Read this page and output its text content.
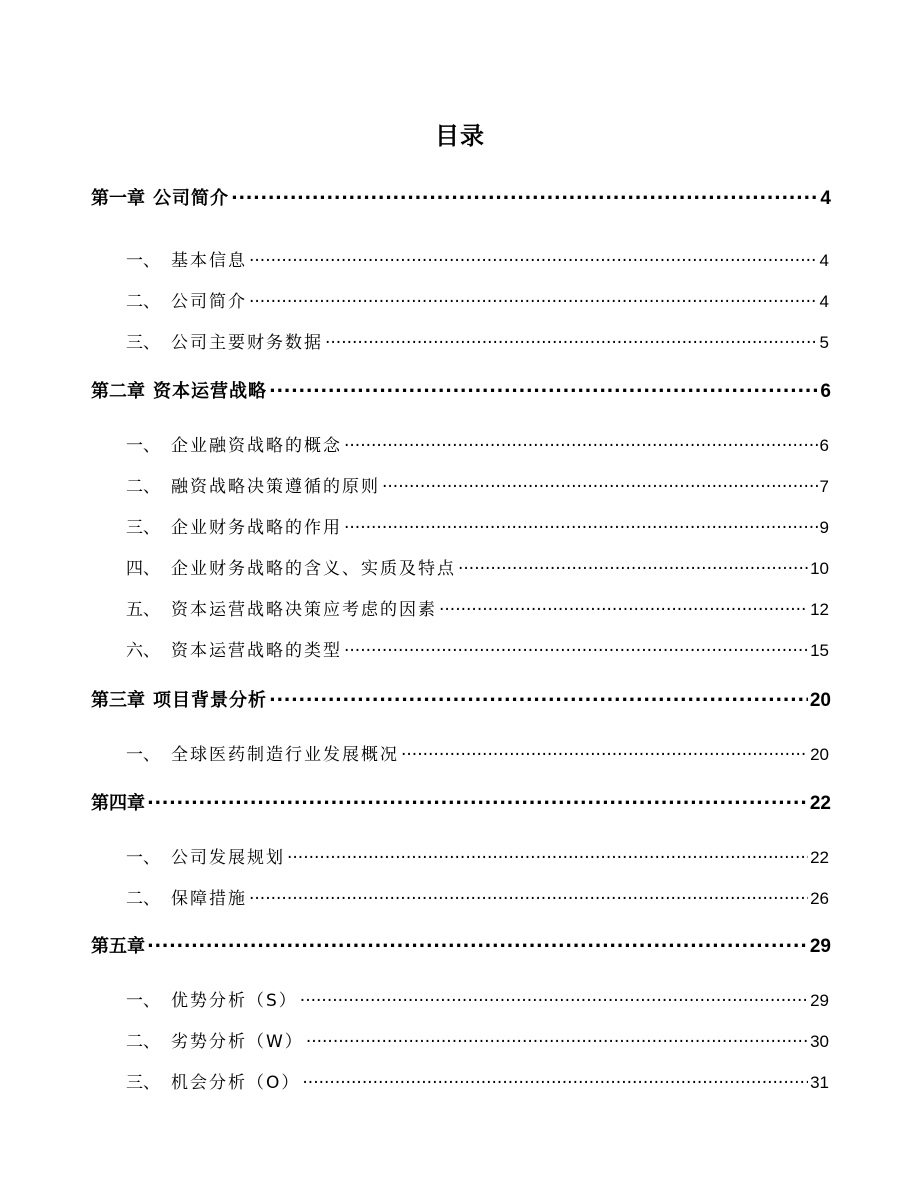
目录
第一章 公司简介 .....	4
一、 基本信息 .....	4
二、 公司简介 .....	4
三、 公司主要财务数据 .....	5
第二章 资本运营战略 .....	6
一、 企业融资战略的概念 .....	6
二、 融资战略决策遵循的原则 .....	7
三、 企业财务战略的作用 .....	9
四、 企业财务战略的含义、实质及特点 .....	10
五、 资本运营战略决策应考虑的因素 .....	12
六、 资本运营战略的类型 .....	15
第三章 项目背景分析 .....	20
一、 全球医药制造行业发展概况 .....	20
第四章 .....	22
一、 公司发展规划 .....	22
二、 保障措施 .....	26
第五章 .....	29
一、 优势分析（S） .....	29
二、 劣势分析（W） .....	30
三、 机会分析（O） .....	31
